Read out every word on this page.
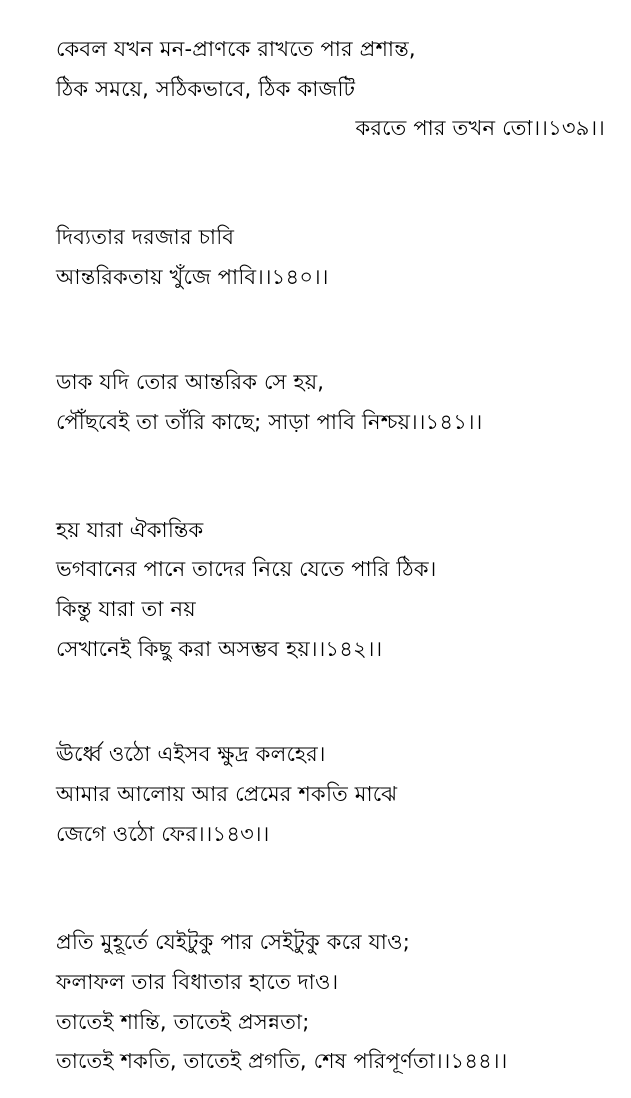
কেবল যখন মন-প্রাণকে রাখতে পার প্রশান্ত,
ঠিক সময়ে, সঠিকভাবে, ঠিক কাজটি
করতে পার তখন তো।।১৩৯।।
দিব্যতার দরজার চাবি
আন্তরিকতায় খুঁজে পাবি।।১৪০।।
ডাক যদি তোর আন্তরিক সে হয়,
পৌঁছবেই তা তাঁরি কাছে; সাড়া পাবি নিশ্চয়।।১৪১।।
হয় যারা ঐকান্তিক
ভগবানের পানে তাদের নিয়ে যেতে পারি ঠিক।
কিন্তু যারা তা নয়
সেখানেই কিছু করা অসম্ভব হয়।।১৪২।।
ঊর্ধ্বে ওঠো এইসব ক্ষুদ্র কলহের।
আমার আলোয় আর প্রেমের শকতি মাঝে
জেগে ওঠো ফের।।১৪৩।।
প্রতি মুহূর্তে যেইটুকু পার সেইটুকু করে যাও;
ফলাফল তার বিধাতার হাতে দাও।
তাতেই শান্তি, তাতেই প্রসন্নতা;
তাতেই শকতি, তাতেই প্রগতি, শেষ পরিপূর্ণতা।।১৪৪।।
